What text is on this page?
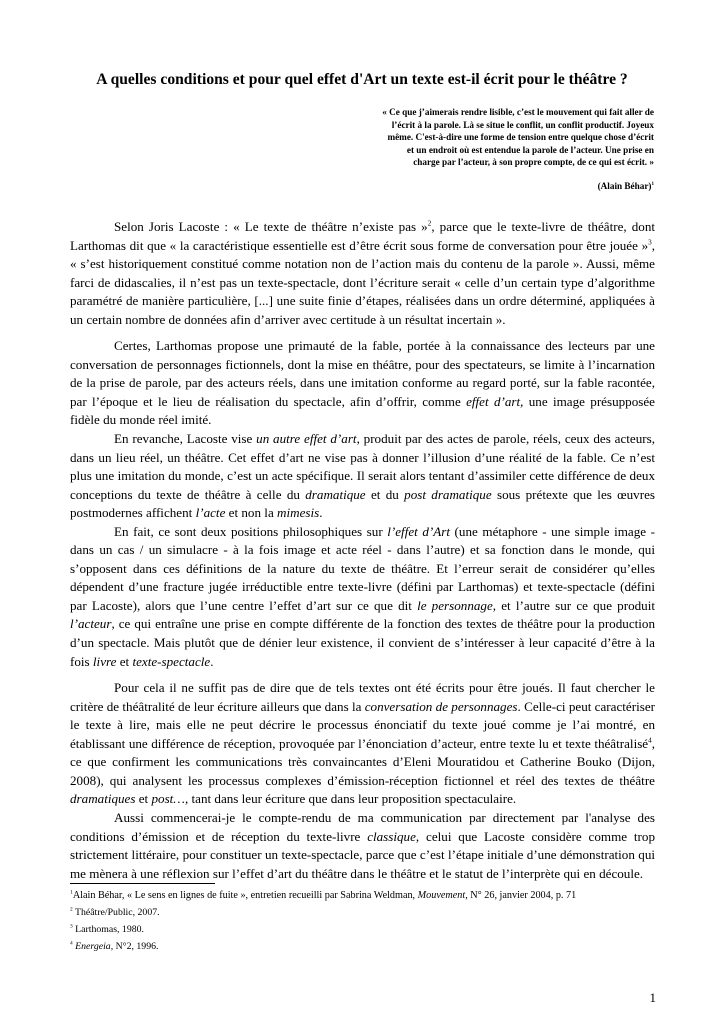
A quelles conditions et pour quel effet d'Art un texte est-il écrit pour le théâtre ?
« Ce que j’aimerais rendre lisible, c’est le mouvement qui fait aller de
l’écrit à la parole. Là se situe le conflit, un conflit productif. Joyeux
même. C'est-à-dire une forme de tension entre quelque chose d’écrit
et un endroit où est entendue la parole de l’acteur. Une prise en
charge par l’acteur, à son propre compte, de ce qui est écrit. »
(Alain Béhar)$^1$

Selon Joris Lacoste : « Le texte de théâtre n’existe pas »$^2$, parce que le texte-livre de théâtre, dont Larthomas dit que « la caractéristique essentielle est d’être écrit sous forme de conversation pour être jouée »$^3$, « s’est historiquement constitué comme notation non de l’action mais du contenu de la parole ». Aussi, même farci de didascalies, il n’est pas un texte-spectacle, dont l’écriture serait « celle d’un certain type d’algorithme paramétré de manière particulière, [...] une suite finie d’étapes, réalisées dans un ordre déterminé, appliquées à un certain nombre de données afin d’arriver avec certitude à un résultat incertain ».

Certes, Larthomas propose une primauté de la fable, portée à la connaissance des lecteurs par une conversation de personnages fictionnels, dont la mise en théâtre, pour des spectateurs, se limite à l’incarnation de la prise de parole, par des acteurs réels, dans une imitation conforme au regard porté, sur la fable racontée, par l’époque et le lieu de réalisation du spectacle, afin d’offrir, comme effet d’art, une image présupposée fidèle du monde réel imité.

En revanche, Lacoste vise un autre effet d’art, produit par des actes de parole, réels, ceux des acteurs, dans un lieu réel, un théâtre. Cet effet d’art ne vise pas à donner l’illusion d’une réalité de la fable. Ce n’est plus une imitation du monde, c’est un acte spécifique. Il serait alors tentant d’assimiler cette différence de deux conceptions du texte de théâtre à celle du dramatique et du post dramatique sous prétexte que les œuvres postmodernes affichent l’acte et non la mimesis.

En fait, ce sont deux positions philosophiques sur l’effet d’Art (une métaphore - une simple image - dans un cas / un simulacre - à la fois image et acte réel - dans l’autre) et sa fonction dans le monde, qui s’opposent dans ces définitions de la nature du texte de théâtre. Et l’erreur serait de considérer qu’elles dépendent d’une fracture jugée irréductible entre texte-livre (défini par Larthomas) et texte-spectacle (défini par Lacoste), alors que l’une centre l’effet d’art sur ce que dit le personnage, et l’autre sur ce que produit l’acteur, ce qui entraîne une prise en compte différente de la fonction des textes de théâtre pour la production d’un spectacle. Mais plutôt que de dénier leur existence, il convient de s’intéresser à leur capacité d’être à la fois livre et texte-spectacle.

Pour cela il ne suffit pas de dire que de tels textes ont été écrits pour être joués. Il faut chercher le critère de théâtralité de leur écriture ailleurs que dans la conversation de personnages. Celle-ci peut caractériser le texte à lire, mais elle ne peut décrire le processus énonciatif du texte joué comme je l’ai montré, en établissant une différence de réception, provoquée par l’énonciation d’acteur, entre texte lu et texte théâtralisé$^4$, ce que confirment les communications très convaincantes d’Eleni Mouratidou et Catherine Bouko (Dijon, 2008), qui analysent les processus complexes d’émission-réception fictionnel et réel des textes de théâtre dramatiques et post…, tant dans leur écriture que dans leur proposition spectaculaire.

Aussi commencerai-je le compte-rendu de ma communication par directement par l'analyse des conditions d’émission et de réception du texte-livre classique, celui que Lacoste considère comme trop strictement littéraire, pour constituer un texte-spectacle, parce que c’est l’étape initiale d’une démonstration qui me mènera à une réflexion sur l’effet d’art du théâtre dans le théâtre et le statut de l’interprète qui en découle.

$^1$Alain Béhar, « Le sens en lignes de fuite », entretien recueilli par Sabrina Weldman, Mouvement, N° 26, janvier 2004, p. 71
$^2$ Théâtre/Public, 2007.
$^3$ Larthomas, 1980.
$^4$ Energeia, N°2, 1996.
1
